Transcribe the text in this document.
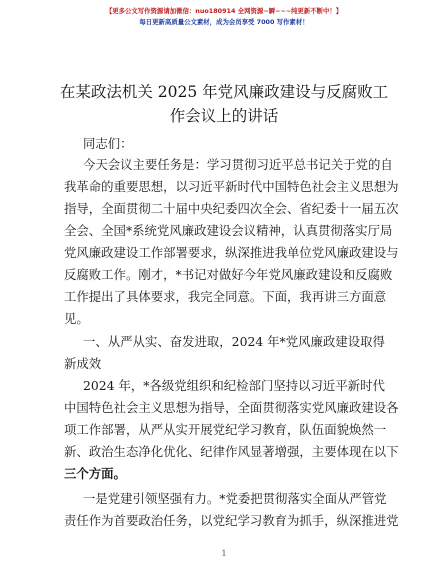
【更多公文写作资源请加微信：nuo180914 全网资源~瞬~~~纯更新不断中！】
每日更新高质量公文素材，成为会员享受 7000 写作素材！
在某政法机关 2025 年党风廉政建设与反腐败工
作会议上的讲话
同志们：
今天会议主要任务是：学习贯彻习近平总书记关于党的自
我革命的重要思想，以习近平新时代中国特色社会主义思想为
指导，全面贯彻二十届中央纪委四次全会、省纪委十一届五次
全会、全国*系统党风廉政建设会议精神，认真贯彻落实厅局
党风廉政建设工作部署要求，纵深推进我单位党风廉政建设与
反腐败工作。刚才，*书记对做好今年党风廉政建设和反腐败
工作提出了具体要求，我完全同意。下面，我再讲三方面意
见。
一、从严从实、奋发进取，2024 年*党风廉政建设取得
新成效
2024 年，*各级党组织和纪检部门坚持以习近平新时代
中国特色社会主义思想为指导，全面贯彻落实党风廉政建设各
项工作部署，从严从实开展党纪学习教育，队伍面貌焕然一
新、政治生态净化优化、纪律作风显著增强，主要体现在以下
三个方面。
一是党建引领坚强有力。*党委把贯彻落实全面从严管党
责任作为首要政治任务，以党纪学习教育为抓手，纵深推进党
1
